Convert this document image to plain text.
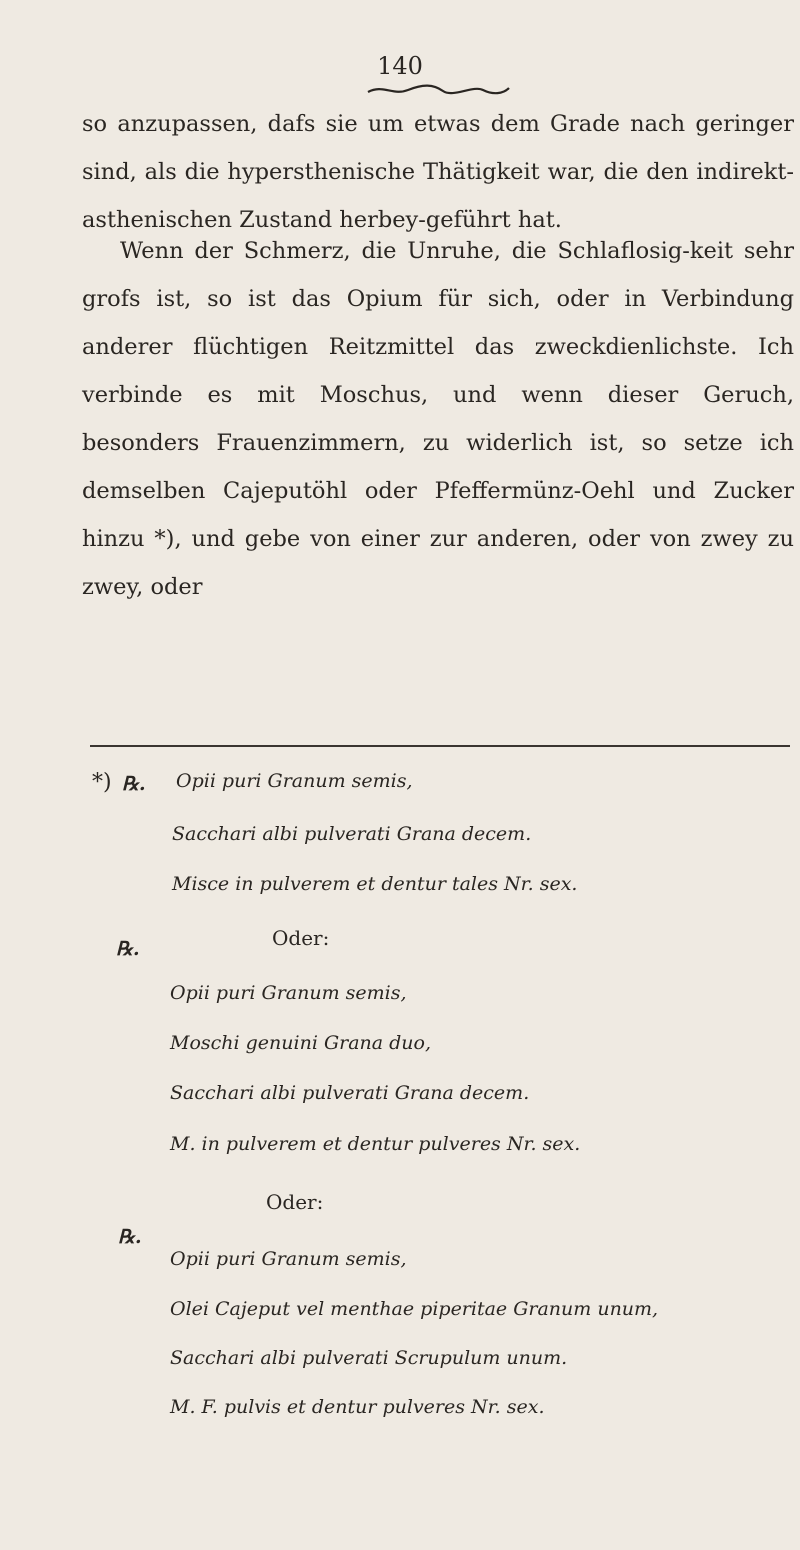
140

so anzupassen, dafs sie um etwas dem Grade nach geringer sind, als die hypersthenische Thätigkeit war, die den indirekt-asthenischen Zustand herbey-geführt hat.

Wenn der Schmerz, die Unruhe, die Schlaflosig-keit sehr grofs ist, so ist das Opium für sich, oder in Verbindung anderer flüchtigen Reitzmittel das zweckdienlichste. Ich verbinde es mit Moschus, und wenn dieser Geruch, besonders Frauenzimmern, zu widerlich ist, so setze ich demselben Cajeputöhl oder Pfeffermünz-Oehl und Zucker hinzu *), und gebe von einer zur anderen, oder von zwey zu zwey, oder

*) ℞. Opii puri Granum semis,

Sacchari albi pulverati Grana decem.

Misce in pulverem et dentur tales Nr. sex.

Oder:
℞.

Opii puri Granum semis,

Moschi genuini Grana duo,

Sacchari albi pulverati Grana decem.

M. in pulverem et dentur pulveres Nr. sex.

Oder:
℞.

Opii puri Granum semis,

Olei Cajeput vel menthae piperitae Granum unum,

Sacchari albi pulverati Scrupulum unum.

M. F. pulvis et dentur pulveres Nr. sex.
